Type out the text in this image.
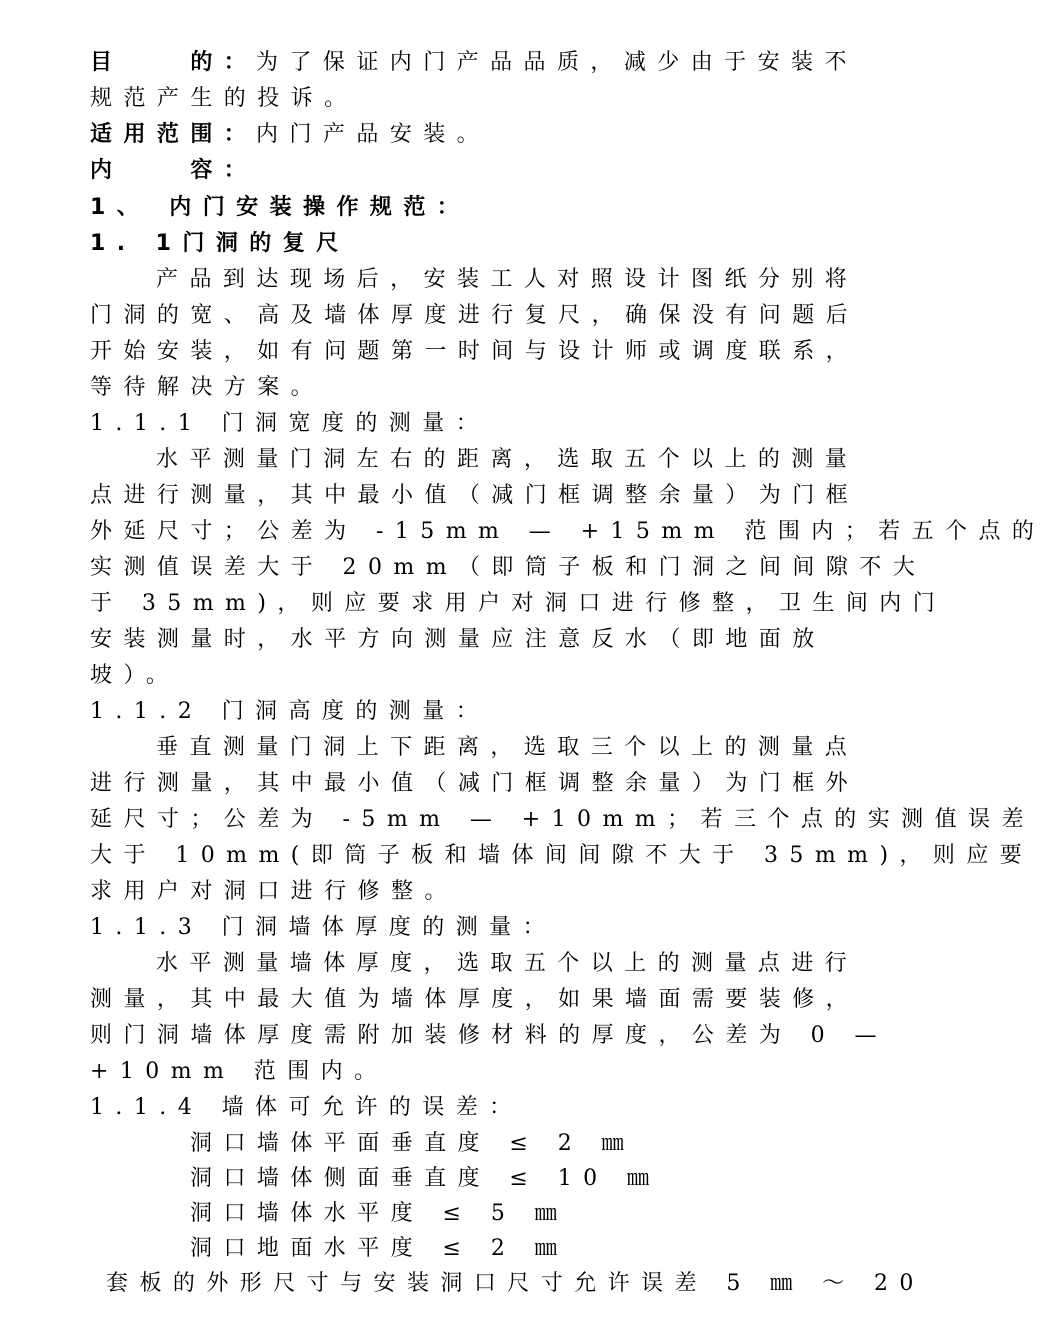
目　　的：为了保证内门产品品质，减少由于安装不
规范产生的投诉。
适用范围：内门产品安装。
内　　容：
1、 内门安装操作规范：
1. 1门洞的复尺
产品到达现场后，安装工人对照设计图纸分别将
门洞的宽、高及墙体厚度进行复尺，确保没有问题后
开始安装，如有问题第一时间与设计师或调度联系，
等待解决方案。
1.1.1 门洞宽度的测量：
水平测量门洞左右的距离，选取五个以上的测量
点进行测量，其中最小值（减门框调整余量）为门框
外延尺寸；公差为 -15mm — +15mm 范围内；若五个点的
实测值误差大于 20mm（即筒子板和门洞之间间隙不大
于 35mm)，则应要求用户对洞口进行修整，卫生间内门
安装测量时，水平方向测量应注意反水（即地面放
坡）。
1.1.2 门洞高度的测量：
垂直测量门洞上下距离，选取三个以上的测量点
进行测量，其中最小值（减门框调整余量）为门框外
延尺寸；公差为 -5mm — +10mm；若三个点的实测值误差
大于 10mm(即筒子板和墙体间间隙不大于 35mm)，则应要
求用户对洞口进行修整。
1.1.3 门洞墙体厚度的测量：
水平测量墙体厚度，选取五个以上的测量点进行
测量，其中最大值为墙体厚度，如果墙面需要装修，
则门洞墙体厚度需附加装修材料的厚度，公差为 0 —
+10mm 范围内。
1.1.4 墙体可允许的误差：
洞口墙体平面垂直度 ≤ 2 ㎜
洞口墙体侧面垂直度 ≤ 10 ㎜
洞口墙体水平度 ≤ 5 ㎜
洞口地面水平度 ≤ 2 ㎜
套板的外形尺寸与安装洞口尺寸允许误差 5 ㎜ ～ 20
